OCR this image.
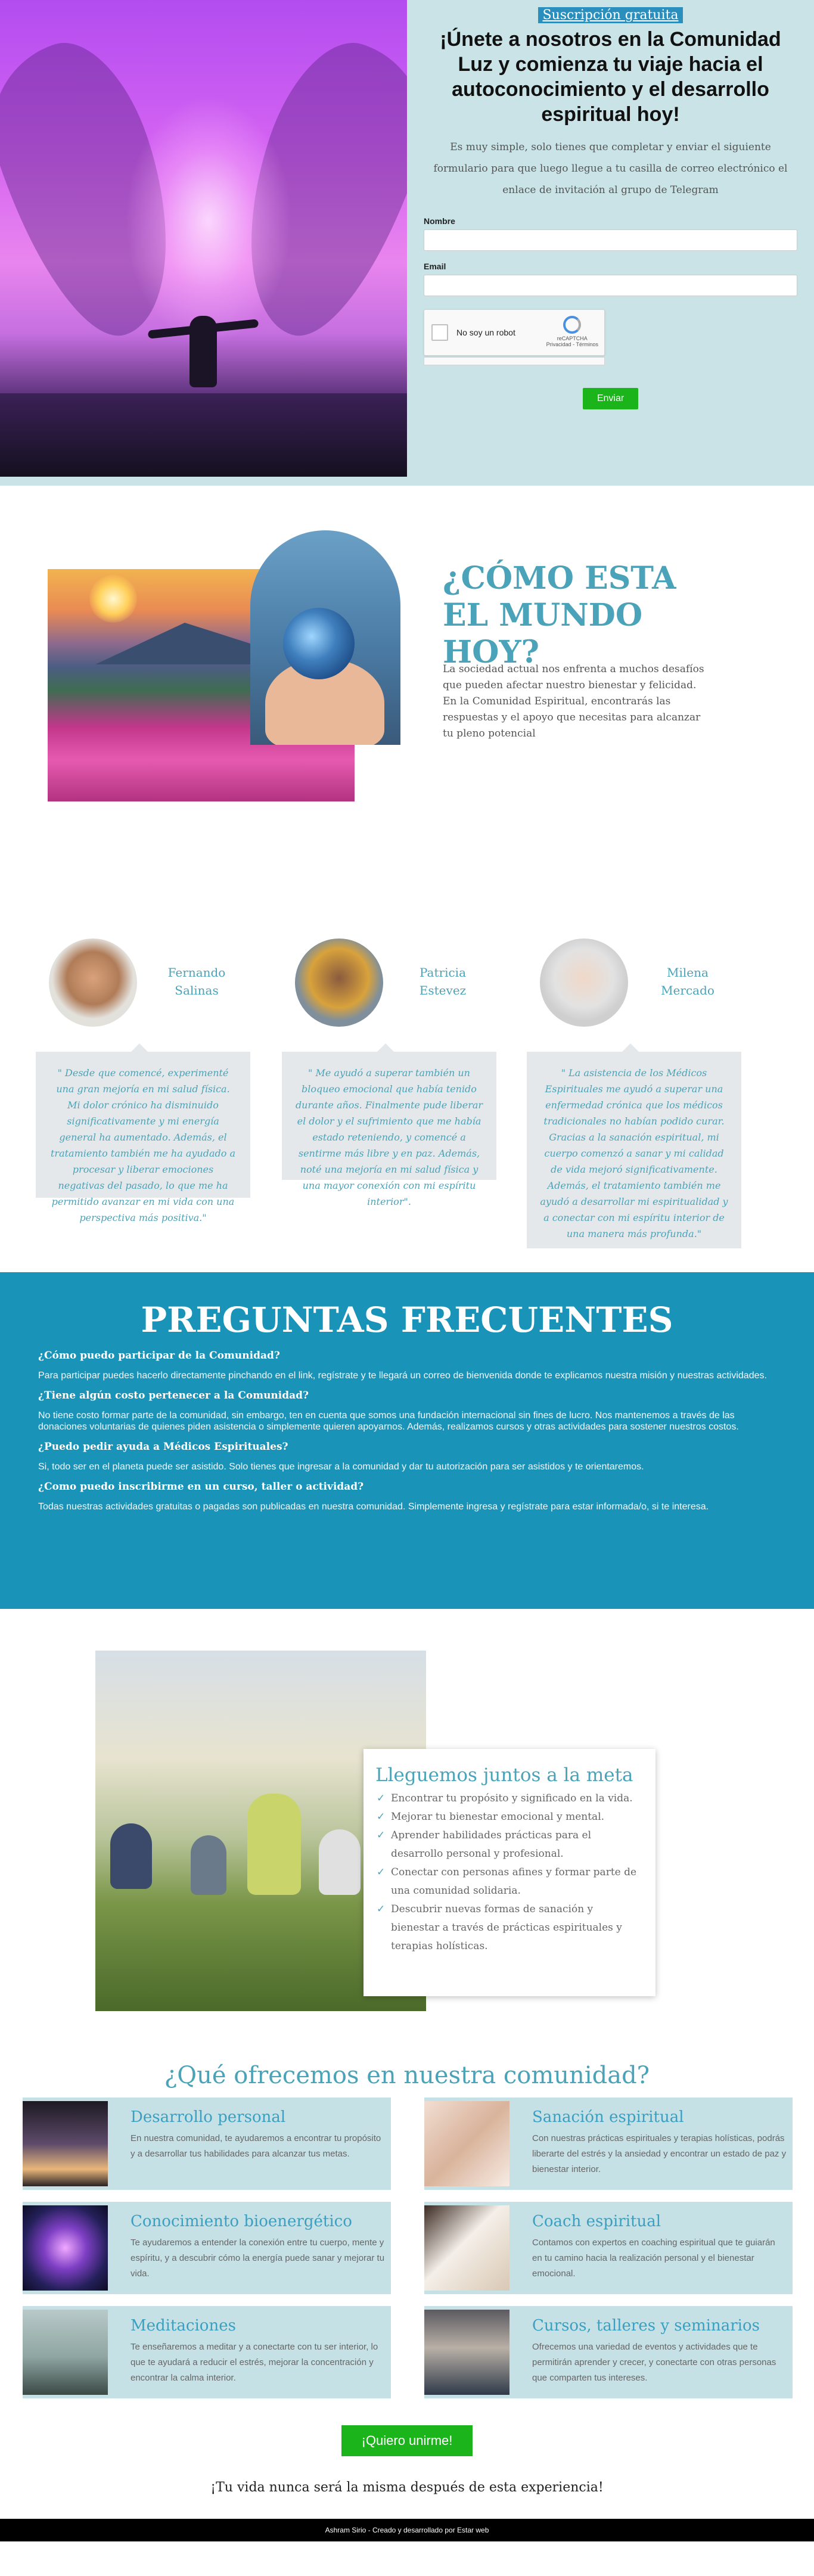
Suscripción gratuita
¡Únete a nosotros en la Comunidad Luz y comienza tu viaje hacia el autoconocimiento y el desarrollo espiritual hoy!

Es muy simple, solo tienes que completar y enviar el siguiente formulario para que luego llegue a tu casilla de correo electrónico el enlace de invitación al grupo de Telegram

Nombre
Email
No soy un robot
reCAPTCHA
Privacidad - Términos
Enviar
¿CÓMO ESTA EL MUNDO HOY?

La sociedad actual nos enfrenta a muchos desafíos que pueden afectar nuestro bienestar y felicidad. En la Comunidad Espiritual, encontrarás las respuestas y el apoyo que necesitas para alcanzar tu pleno potencial

Fernando Salinas
" Desde que comencé, experimenté una gran mejoría en mi salud física. Mi dolor crónico ha disminuido significativamente y mi energía general ha aumentado. Además, el tratamiento también me ha ayudado a procesar y liberar emociones negativas del pasado, lo que me ha permitido avanzar en mi vida con una perspectiva más positiva."
Patricia Estevez
" Me ayudó a superar también un bloqueo emocional que había tenido durante años. Finalmente pude liberar el dolor y el sufrimiento que me había estado reteniendo, y comencé a sentirme más libre y en paz. Además, noté una mejoría en mi salud física y una mayor conexión con mi espíritu interior".
Milena Mercado
" La asistencia de los Médicos Espirituales me ayudó a superar una enfermedad crónica que los médicos tradicionales no habían podido curar. Gracias a la sanación espiritual, mi cuerpo comenzó a sanar y mi calidad de vida mejoró significativamente. Además, el tratamiento también me ayudó a desarrollar mi espiritualidad y a conectar con mi espíritu interior de una manera más profunda."
PREGUNTAS FRECUENTES
¿Cómo puedo participar de la Comunidad?

Para participar puedes hacerlo directamente pinchando en el link, regístrate y te llegará un correo de bienvenida donde te explicamos nuestra misión y nuestras actividades.

¿Tiene algún costo pertenecer a la Comunidad?

No tiene costo formar parte de la comunidad, sin embargo, ten en cuenta que somos una fundación internacional sin fines de lucro. Nos mantenemos a través de las donaciones voluntarias de quienes piden asistencia o simplemente quieren apoyarnos. Además, realizamos cursos y otras actividades para sostener nuestros costos.

¿Puedo pedir ayuda a Médicos Espirituales?

Si, todo ser en el planeta puede ser asistido. Solo tienes que ingresar a la comunidad y dar tu autorización para ser asistidos y te orientaremos.

¿Como puedo inscribirme en un curso, taller o actividad?

Todas nuestras actividades gratuitas o pagadas son publicadas en nuestra comunidad. Simplemente ingresa y regístrate para estar informada/o, si te interesa.

Lleguemos juntos a la meta
✓ Encontrar tu propósito y significado en la vida.
✓ Mejorar tu bienestar emocional y mental.
✓ Aprender habilidades prácticas para el desarrollo personal y profesional.
✓ Conectar con personas afines y formar parte de una comunidad solidaria.
✓ Descubrir nuevas formas de sanación y bienestar a través de prácticas espirituales y terapias holísticas.
¿Qué ofrecemos en nuestra comunidad?
Desarrollo personal

En nuestra comunidad, te ayudaremos a encontrar tu propósito y a desarrollar tus habilidades para alcanzar tus metas.

Sanación espiritual

Con nuestras prácticas espirituales y terapias holísticas, podrás liberarte del estrés y la ansiedad y encontrar un estado de paz y bienestar interior.

Conocimiento bioenergético

Te ayudaremos a entender la conexión entre tu cuerpo, mente y espíritu, y a descubrir cómo la energía puede sanar y mejorar tu vida.

Coach espiritual

Contamos con expertos en coaching espiritual que te guiarán en tu camino hacia la realización personal y el bienestar emocional.

Meditaciones

Te enseñaremos a meditar y a conectarte con tu ser interior, lo que te ayudará a reducir el estrés, mejorar la concentración y encontrar la calma interior.

Cursos, talleres y seminarios

Ofrecemos una variedad de eventos y actividades que te permitirán aprender y crecer, y conectarte con otras personas que comparten tus intereses.

¡Quiero unirme!

¡Tu vida nunca será la misma después de esta experiencia!

Ashram Sirio - Creado y desarrollado por Estar web
